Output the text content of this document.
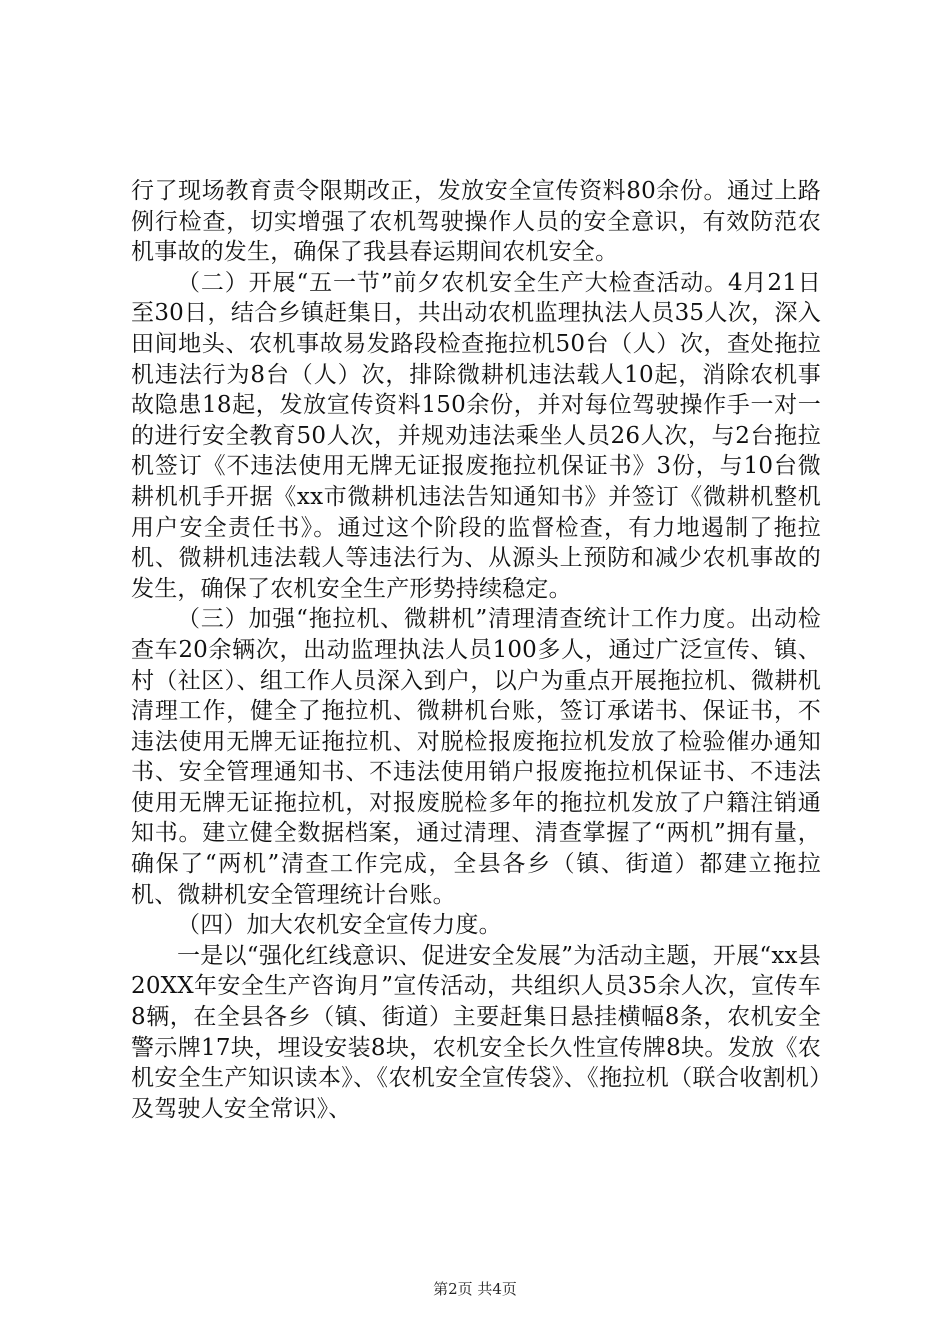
行了现场教育责令限期改正，发放安全宣传资料80余份。通过上路例行检查，切实增强了农机驾驶操作人员的安全意识，有效防范农机事故的发生，确保了我县春运期间农机安全。

（二）开展“五一节”前夕农机安全生产大检查活动。4月21日至30日，结合乡镇赶集日，共出动农机监理执法人员35人次，深入田间地头、农机事故易发路段检查拖拉机50台（人）次，查处拖拉机违法行为8台（人）次，排除微耕机违法载人10起，消除农机事故隐患18起，发放宣传资料150余份，并对每位驾驶操作手一对一的进行安全教育50人次，并规劝违法乘坐人员26人次，与2台拖拉机签订《不违法使用无牌无证报废拖拉机保证书》3份，与10台微耕机机手开据《xx市微耕机违法告知通知书》并签订《微耕机整机用户安全责任书》。通过这个阶段的监督检查，有力地遏制了拖拉机、微耕机违法载人等违法行为、从源头上预防和减少农机事故的发生，确保了农机安全生产形势持续稳定。

（三）加强“拖拉机、微耕机”清理清查统计工作力度。出动检查车20余辆次，出动监理执法人员100多人，通过广泛宣传、镇、村（社区）、组工作人员深入到户，以户为重点开展拖拉机、微耕机清理工作，健全了拖拉机、微耕机台账，签订承诺书、保证书，不违法使用无牌无证拖拉机、对脱检报废拖拉机发放了检验催办通知书、安全管理通知书、不违法使用销户报废拖拉机保证书、不违法使用无牌无证拖拉机，对报废脱检多年的拖拉机发放了户籍注销通知书。建立健全数据档案，通过清理、清查掌握了“两机”拥有量，确保了“两机”清查工作完成，全县各乡（镇、街道）都建立拖拉机、微耕机安全管理统计台账。

（四）加大农机安全宣传力度。

一是以“强化红线意识、促进安全发展”为活动主题，开展“xx县20XX年安全生产咨询月”宣传活动，共组织人员35余人次，宣传车8辆，在全县各乡（镇、街道）主要赶集日悬挂横幅8条，农机安全警示牌17块，埋设安装8块，农机安全长久性宣传牌8块。发放《农机安全生产知识读本》、《农机安全宣传袋》、《拖拉机（联合收割机）及驾驶人安全常识》、

第2页 共4页
